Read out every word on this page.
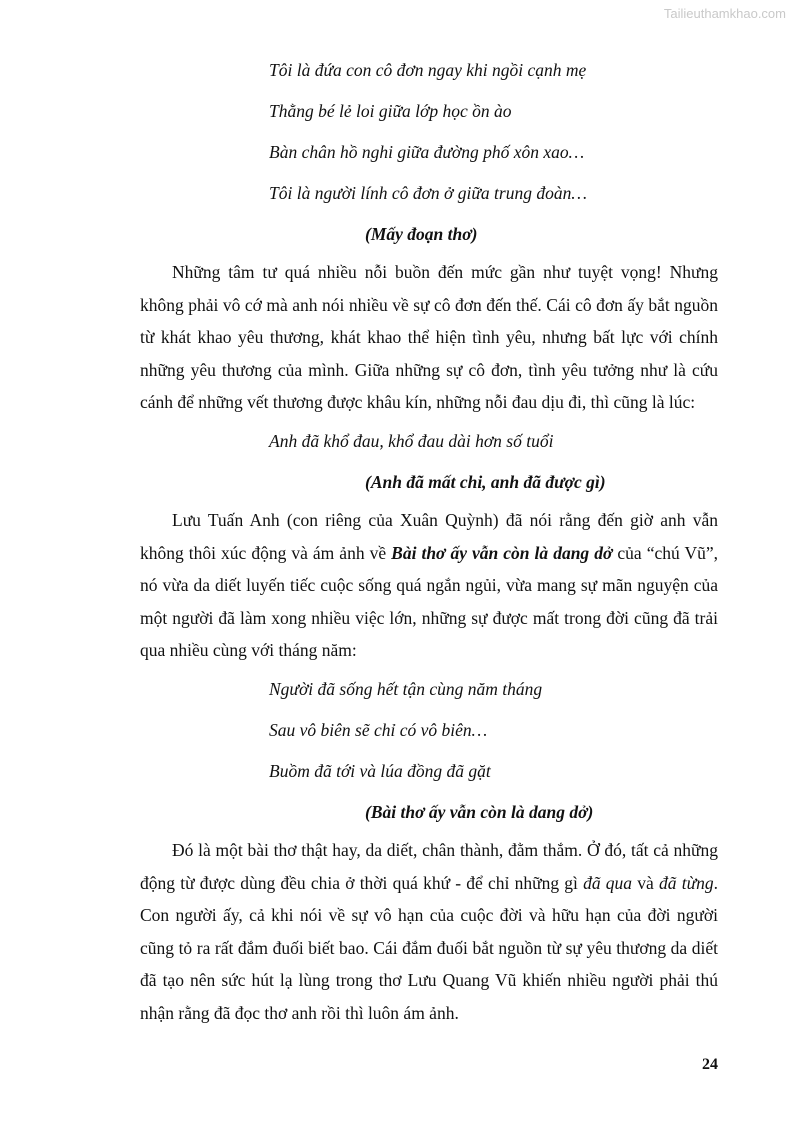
Tailieuthamkhao.com
Tôi là đứa con cô đơn ngay khi ngồi cạnh mẹ
Thằng bé lẻ loi giữa lớp học ồn ào
Bàn chân hồ nghi giữa đường phố xôn xao…
Tôi là người lính cô đơn ở giữa trung đoàn…
(Mấy đoạn thơ)

Những tâm tư quá nhiều nỗi buồn đến mức gần như tuyệt vọng! Nhưng không phải vô cớ mà anh nói nhiều về sự cô đơn đến thế. Cái cô đơn ấy bắt nguồn từ khát khao yêu thương, khát khao thể hiện tình yêu, nhưng bất lực với chính những yêu thương của mình. Giữa những sự cô đơn, tình yêu tưởng như là cứu cánh để những vết thương được khâu kín, những nỗi đau dịu đi, thì cũng là lúc:

Anh đã khổ đau, khổ đau dài hơn số tuổi
(Anh đã mất chi, anh đã được gì)

Lưu Tuấn Anh (con riêng của Xuân Quỳnh) đã nói rằng đến giờ anh vẫn không thôi xúc động và ám ảnh về Bài thơ ấy vẫn còn là dang dở của “chú Vũ”, nó vừa da diết luyến tiếc cuộc sống quá ngắn ngủi, vừa mang sự mãn nguyện của một người đã làm xong nhiều việc lớn, những sự được mất trong đời cũng đã trải qua nhiều cùng với tháng năm:

Người đã sống hết tận cùng năm tháng
Sau vô biên sẽ chỉ có vô biên…
Buồm đã tới và lúa đồng đã gặt
(Bài thơ ấy vẫn còn là dang dở)

Đó là một bài thơ thật hay, da diết, chân thành, đằm thắm. Ở đó, tất cả những động từ được dùng đều chia ở thời quá khứ - để chỉ những gì đã qua và đã từng. Con người ấy, cả khi nói về sự vô hạn của cuộc đời và hữu hạn của đời người cũng tỏ ra rất đắm đuối biết bao. Cái đắm đuối bắt nguồn từ sự yêu thương da diết đã tạo nên sức hút lạ lùng trong thơ Lưu Quang Vũ khiến nhiều người phải thú nhận rằng đã đọc thơ anh rồi thì luôn ám ảnh.

24
